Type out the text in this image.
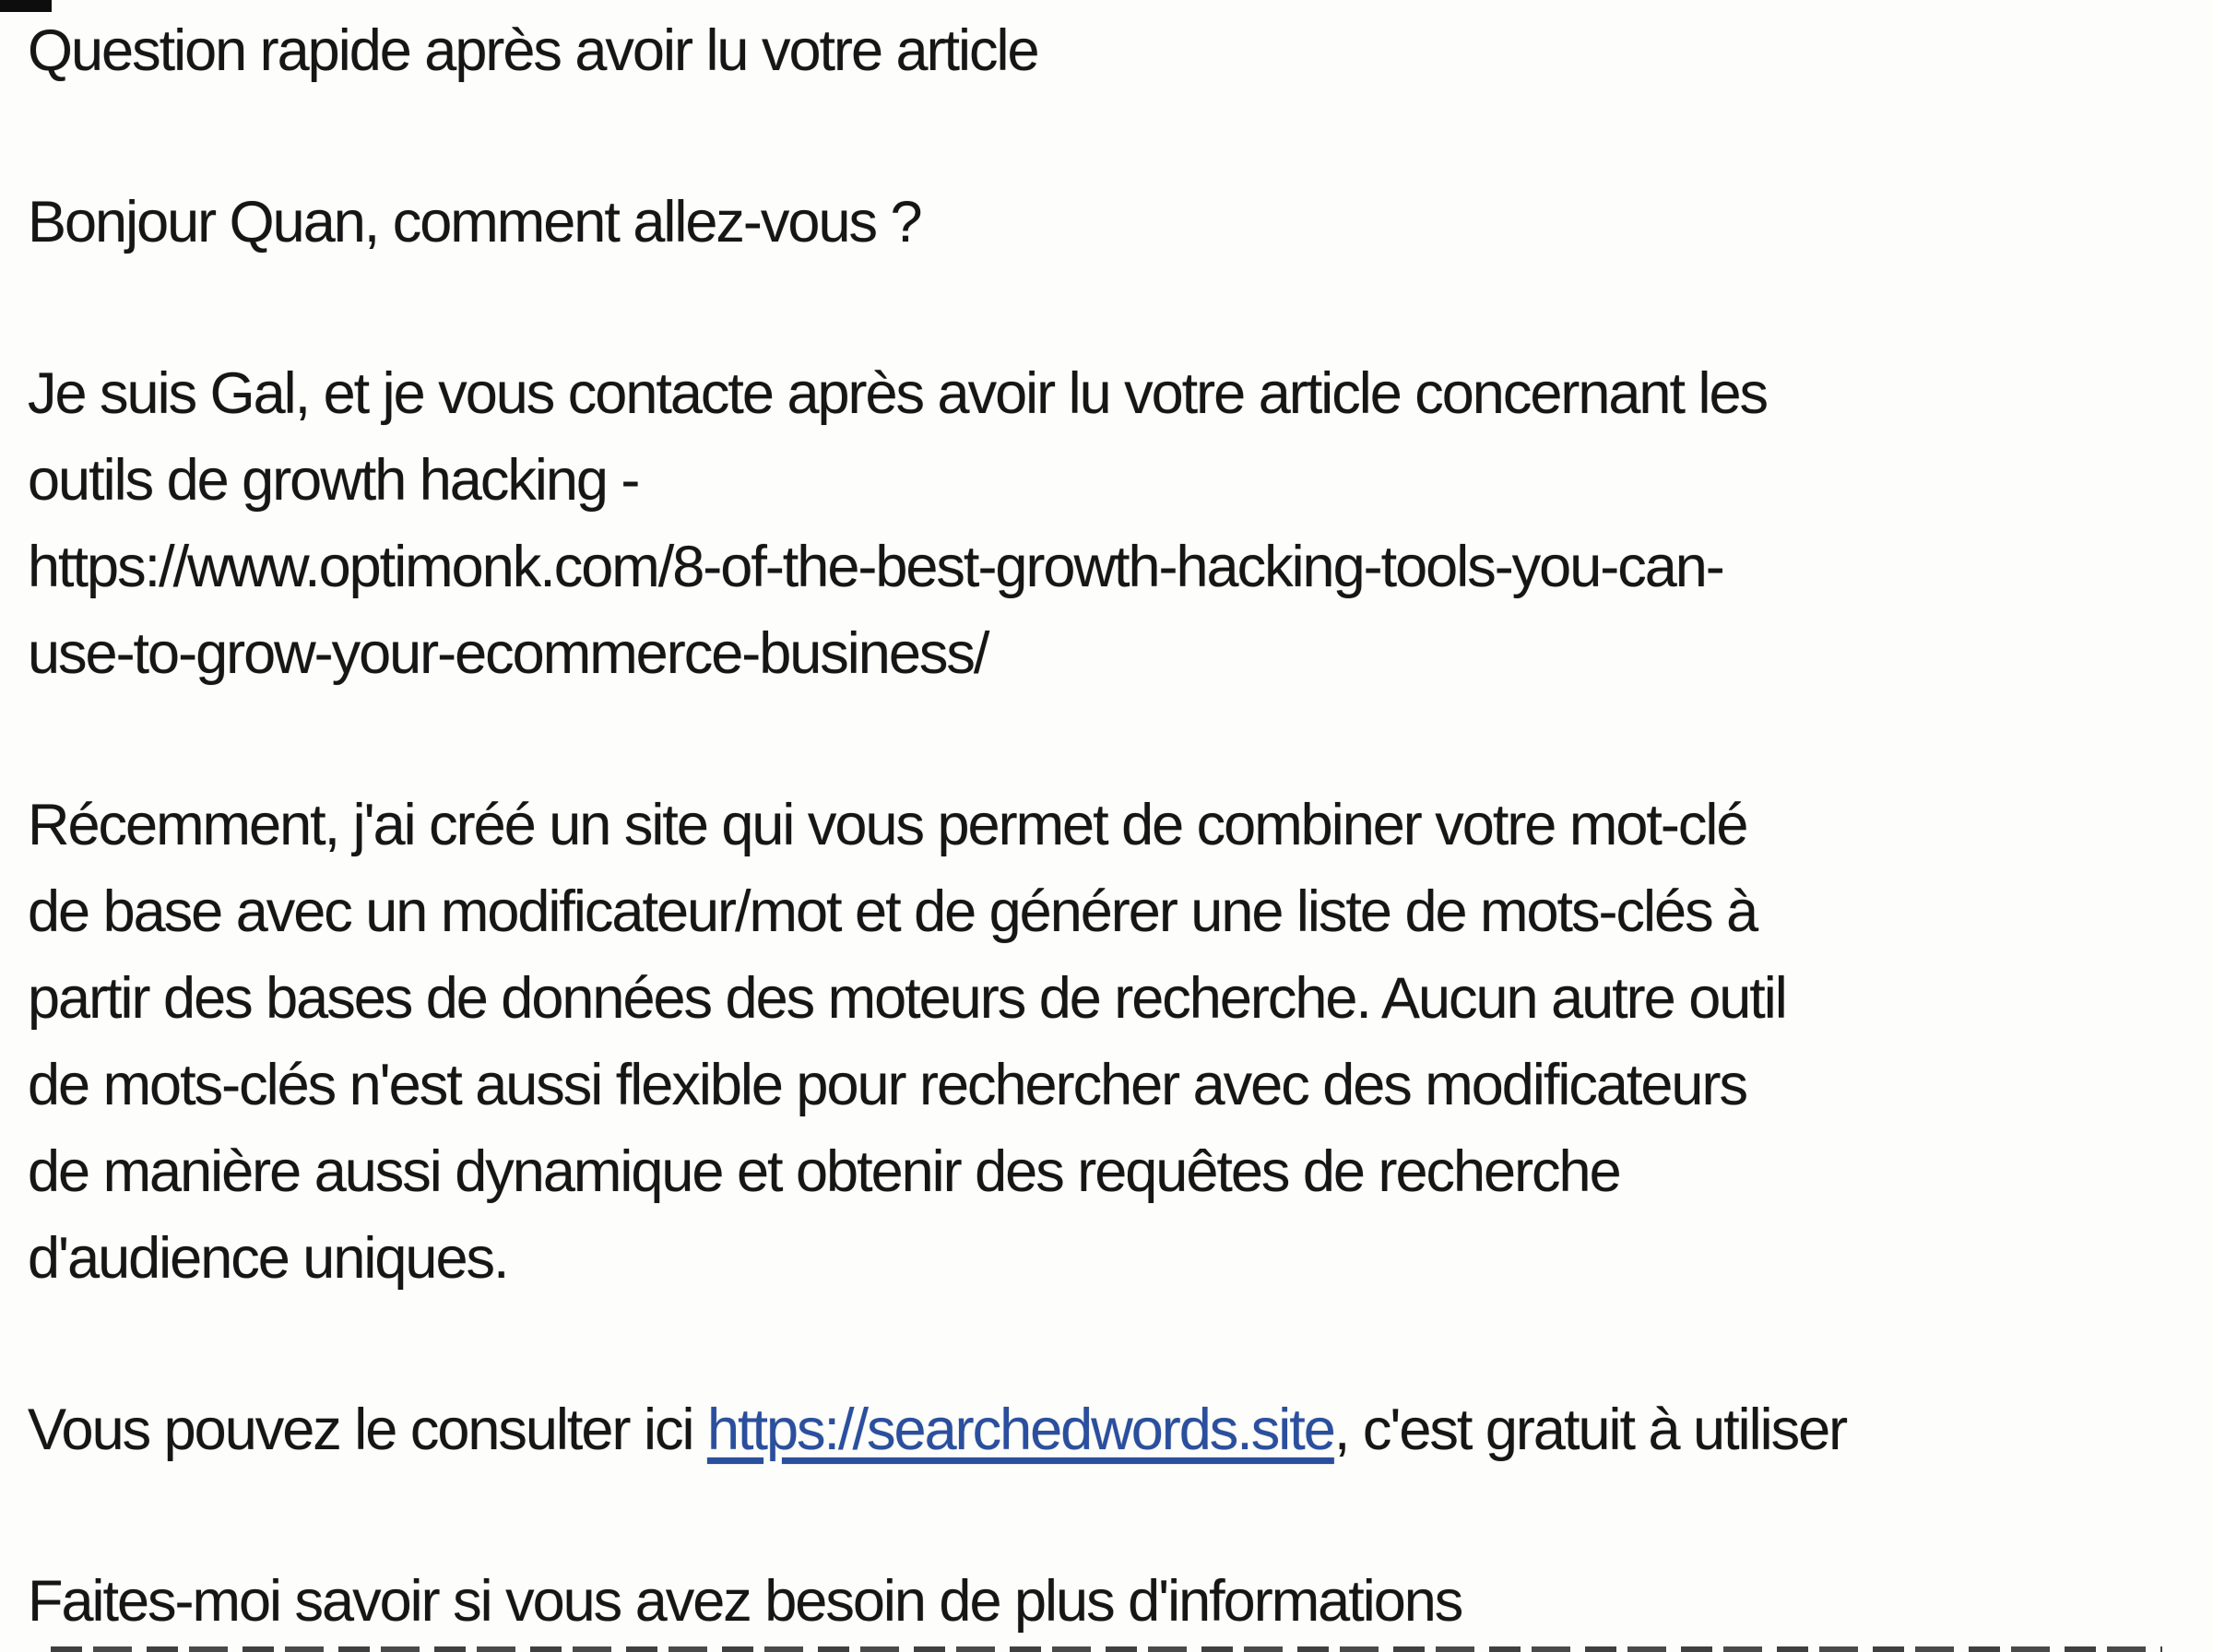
Question rapide après avoir lu votre article

Bonjour Quan, comment allez-vous ?

Je suis Gal, et je vous contacte après avoir lu votre article concernant les
outils de growth hacking -
https://www.optimonk.com/8-of-the-best-growth-hacking-tools-you-can-
use-to-grow-your-ecommerce-business/

Récemment, j'ai créé un site qui vous permet de combiner votre mot-clé
de base avec un modificateur/mot et de générer une liste de mots-clés à
partir des bases de données des moteurs de recherche. Aucun autre outil
de mots-clés n'est aussi flexible pour rechercher avec des modificateurs
de manière aussi dynamique et obtenir des requêtes de recherche
d'audience uniques.

Vous pouvez le consulter ici https://searchedwords.site, c'est gratuit à utiliser

Faites-moi savoir si vous avez besoin de plus d'informations
